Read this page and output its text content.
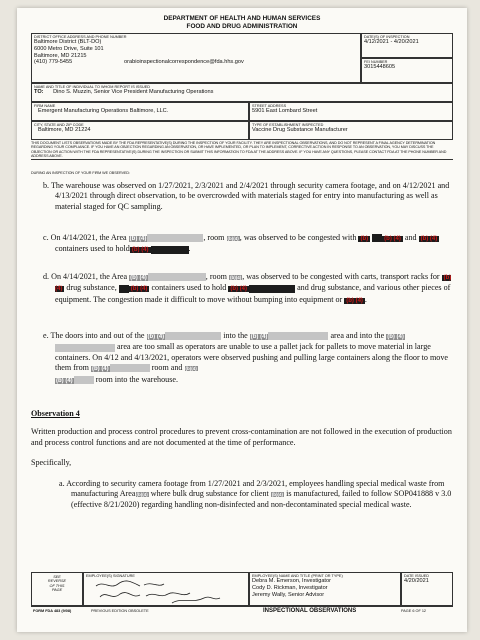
DEPARTMENT OF HEALTH AND HUMAN SERVICES
FOOD AND DRUG ADMINISTRATION
DISTRICT OFFICE ADDRESS AND PHONE NUMBER
Baltimore District (BLT-DO)
6000 Metro Drive, Suite 101
Baltimore, MD 21215
(410) 779-5455	orabioinspectionalcorrespondence@fda.hhs.gov
DATE(S) OF INSPECTION
4/12/2021 - 4/20/2021
FEI NUMBER
3015448605
NAME AND TITLE OF INDIVIDUAL TO WHOM REPORT IS ISSUED
TO: Dino S. Muzzin, Senior Vice President Manufacturing Operations
FIRM NAME
Emergent Manufacturing Operations Baltimore, LLC.
STREET ADDRESS
5901 East Lombard Street
CITY, STATE AND ZIP CODE
Baltimore, MD 21224
TYPE OF ESTABLISHMENT INSPECTED
Vaccine Drug Substance Manufacturer
THIS DOCUMENT LISTS OBSERVATIONS MADE BY THE FDA REPRESENTATIVE(S) DURING THE INSPECTION OF YOUR FACILITY. THEY ARE INSPECTIONAL OBSERVATIONS, AND DO NOT REPRESENT A FINAL AGENCY DETERMINATION REGARDING YOUR COMPLIANCE. IF YOU HAVE AN OBJECTION REGARDING AN OBSERVATION, OR HAVE IMPLEMENTED, OR PLAN TO IMPLEMENT, CORRECTIVE ACTION IN RESPONSE TO AN OBSERVATION, YOU MAY DISCUSS THE OBJECTION OR ACTION WITH THE FDA REPRESENTATIVE(S) DURING THE INSPECTION OR SUBMIT THIS INFORMATION TO FDA AT THE ADDRESS ABOVE. IF YOU HAVE ANY QUESTIONS, PLEASE CONTACT FDA AT THE PHONE NUMBER AND ADDRESS ABOVE.
DURING AN INSPECTION OF YOUR FIRM WE OBSERVED:

b. The warehouse was observed on 1/27/2021, 2/3/2021 and 2/4/2021 through security camera footage, and on 4/12/2021 and 4/13/2021 through direct observation, to be overcrowded with materials staged for entry into manufacturing as well as material staged for QC sampling.

c. On 4/14/2021, the Area (b) (4)	, room (b)(4), was observed to be congested with (b)	(b) (4) and (b) (4) containers used to hold (b) (4)	.

d. On 4/14/2021, the Area (b) (4)	, room (b)(4), was observed to be congested with carts, transport racks for (b) (4) drug substance, (b) (4) containers used to hold (b) (4)	and drug substance, and various other pieces of equipment. The congestion made it difficult to move without bumping into equipment or (b) (4) .

e. The doors into and out of the (b) (4)	into the (b) (4)	area and into the (b) (4) area are too small as operators are unable to use a pallet jack for pallets to move material in large containers. On 4/12 and 4/13/2021, operators were observed pushing and pulling large containers along the floor to move them from (b) (4)	room and (b)(4)
(b) (4)	room into the warehouse.

Observation 4

Written production and process control procedures to prevent cross-contamination are not followed in the execution of production and process control functions and are not documented at the time of performance.

Specifically,

a. According to security camera footage from 1/27/2021 and 2/3/2021, employees handling special medical waste from manufacturing Area(b)(4) where bulk drug substance for client (b)(4) is manufactured, failed to follow SOP041888 v 3.0 (effective 8/21/2020) regarding handling non-disinfected and non-decontaminated special medical waste.

SEE
REVERSE
OF THIS
PAGE
EMPLOYEE(S) SIGNATURE	EMPLOYEE(S) NAME AND TITLE (PRINT OR TYPE)
Debra M. Emerson, Investigator
Cody D. Rickman, Investigator
Jeremy Wally, Senior Advisor
DATE ISSUED
4/20/2021
FORM FDA 483 (9/08)	PREVIOUS EDITION OBSOLETE	INSPECTIONAL OBSERVATIONS	PAGE 6 OF 12
